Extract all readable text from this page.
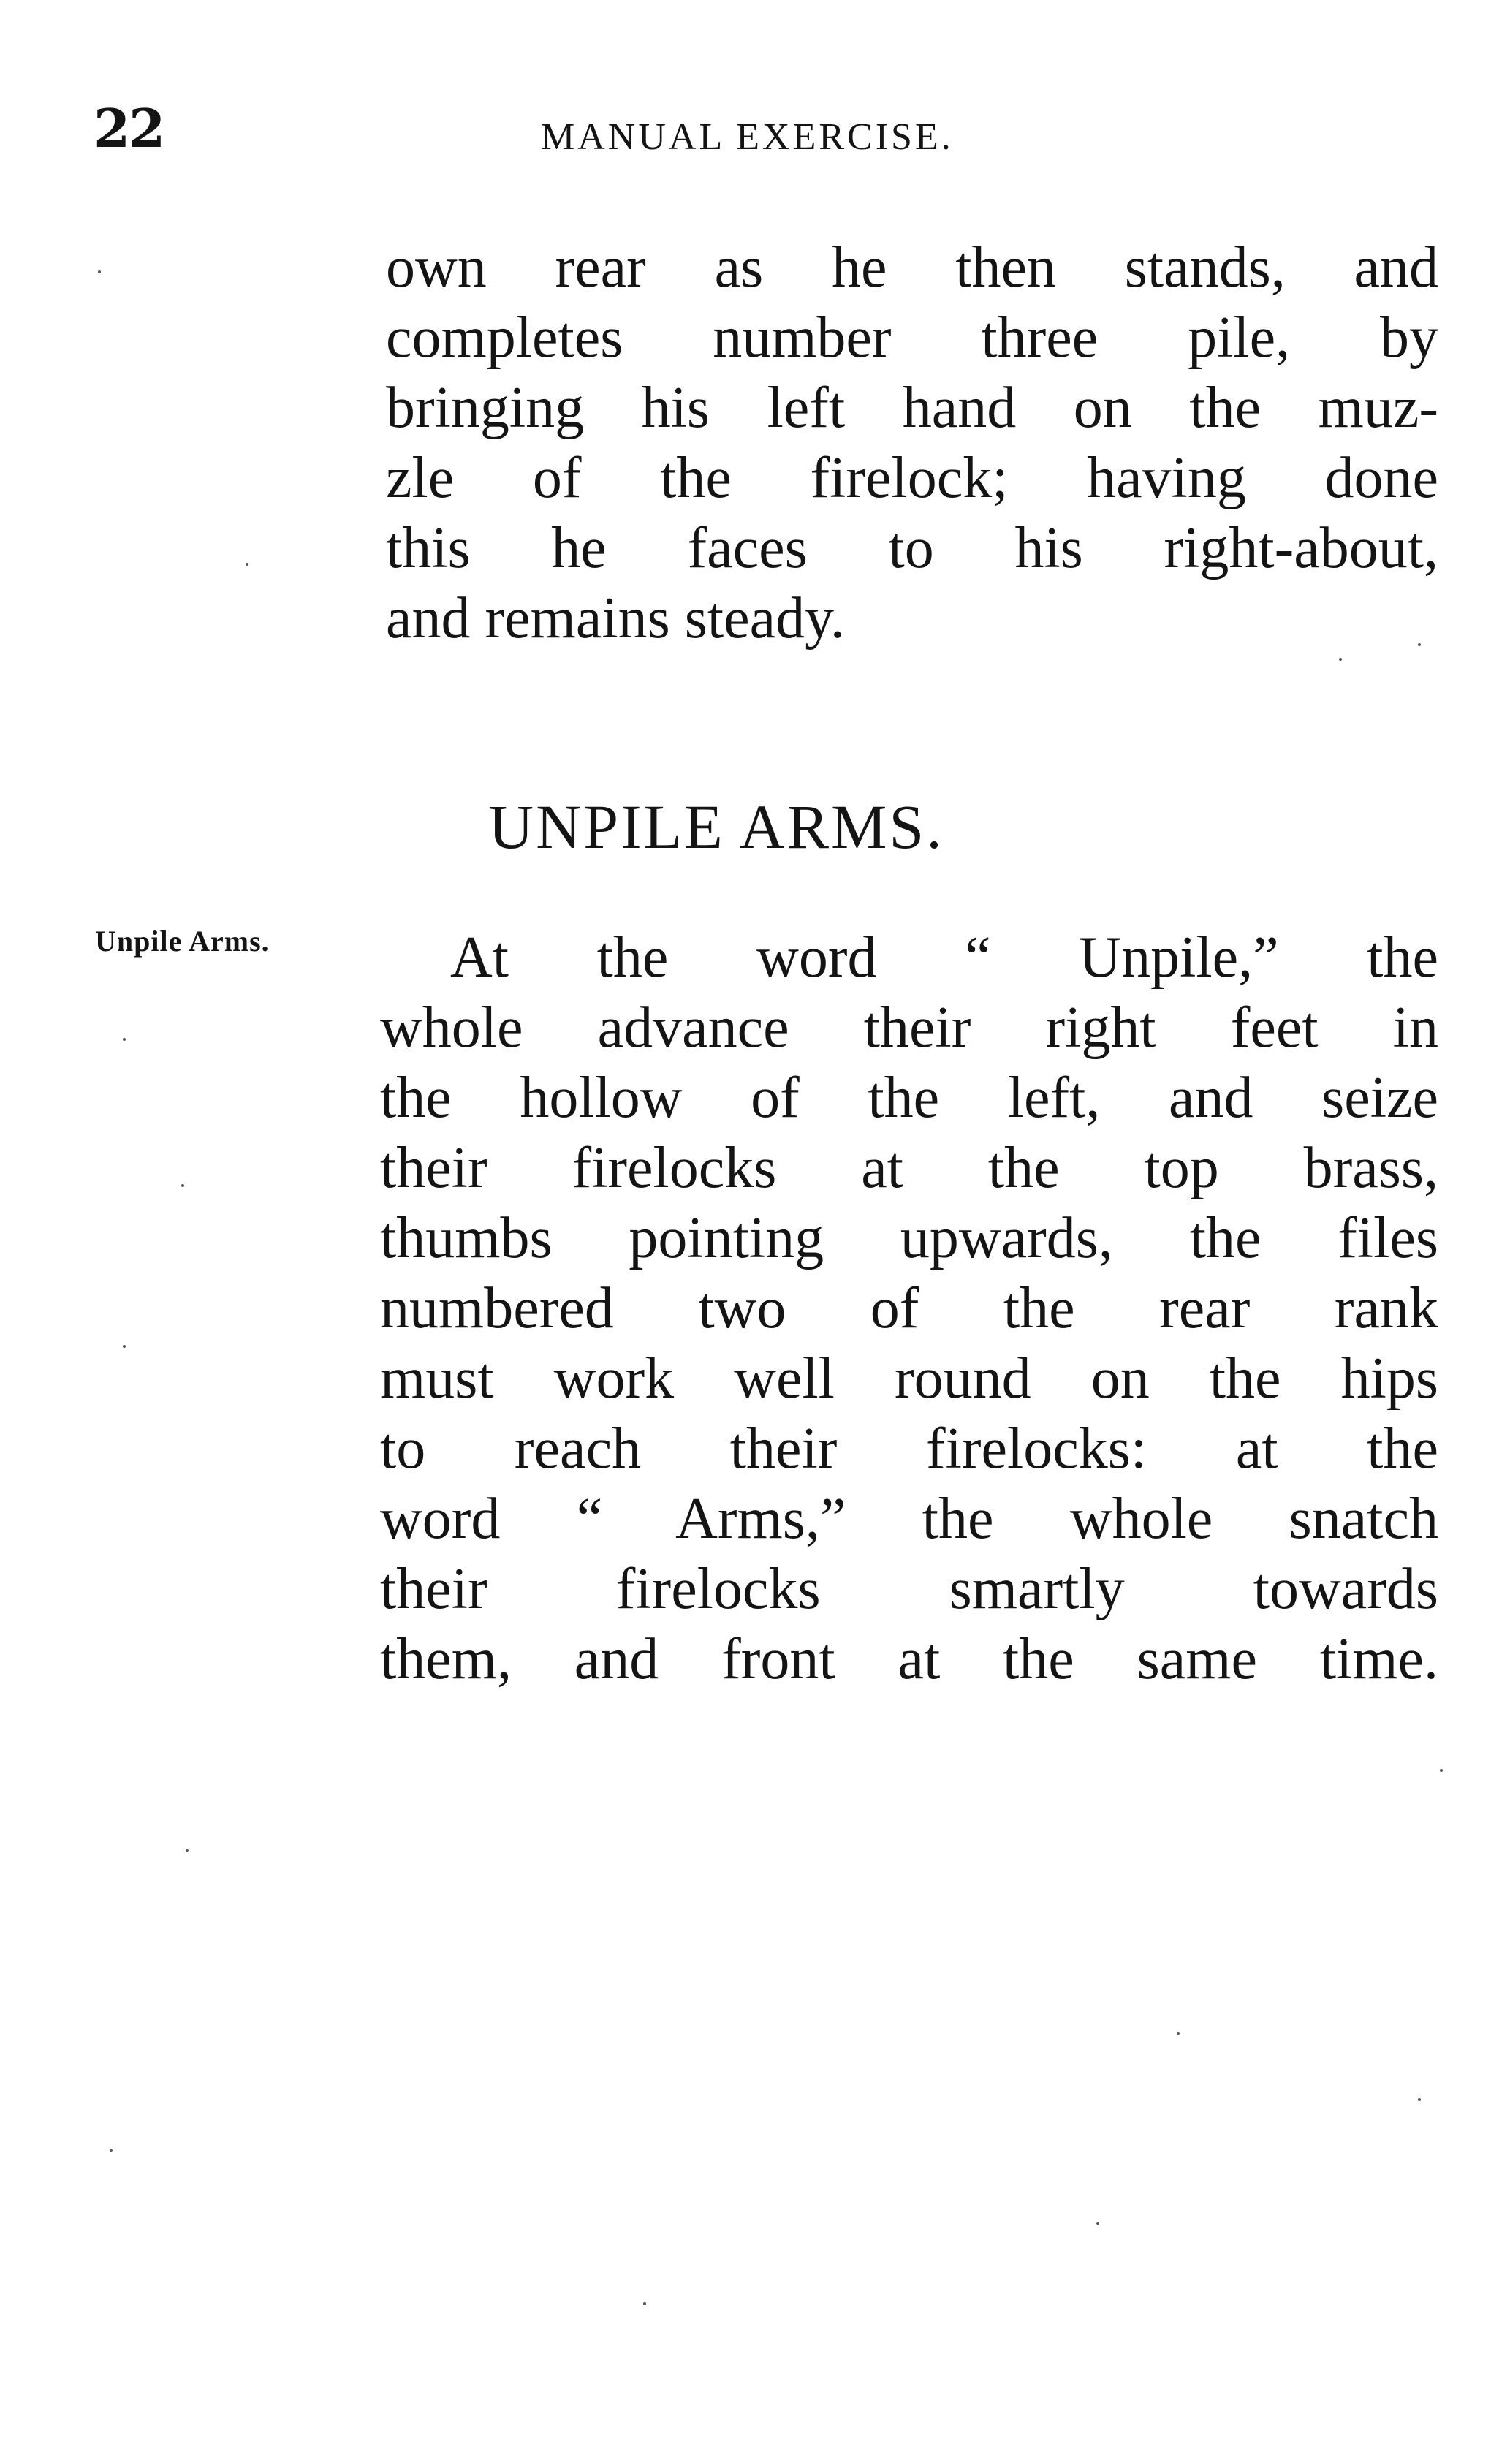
22	MANUAL EXERCISE.
own rear as he then stands, and
completes number three pile, by
bringing his left hand on the muz-
zle of the firelock; having done
this he faces to his right-about,
and remains steady.
UNPILE ARMS.
Unpile Arms.	At the word “ Unpile,” the
whole advance their right feet in
the hollow of the left, and seize
their firelocks at the top brass,
thumbs pointing upwards, the files
numbered two of the rear rank
must work well round on the hips
to reach their firelocks: at the
word “ Arms,” the whole snatch
their firelocks smartly towards
them, and front at the same time.
